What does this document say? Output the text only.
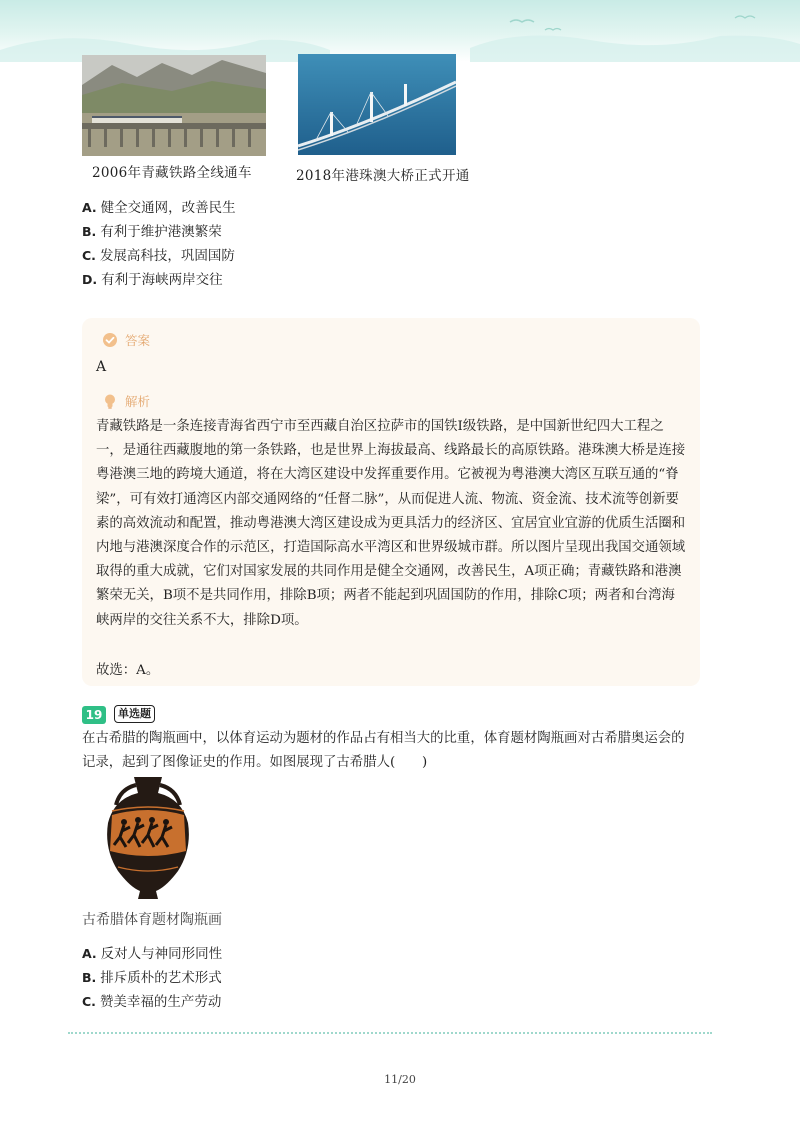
2006年青藏铁路全线通车	2018年港珠澳大桥正式开通
A. 健全交通网，改善民生
B. 有利于维护港澳繁荣
C. 发展高科技，巩固国防
D. 有利于海峡两岸交往
答案
A
解析
青藏铁路是一条连接青海省西宁市至西藏自治区拉萨市的国铁I级铁路，是中国新世纪四大工程之一，是通往西藏腹地的第一条铁路，也是世界上海拔最高、线路最长的高原铁路。港珠澳大桥是连接粤港澳三地的跨境大通道，将在大湾区建设中发挥重要作用。它被视为粤港澳大湾区互联互通的“脊梁”，可有效打通湾区内部交通网络的“任督二脉”，从而促进人流、物流、资金流、技术流等创新要素的高效流动和配置，推动粤港澳大湾区建设成为更具活力的经济区、宜居宜业宜游的优质生活圈和内地与港澳深度合作的示范区，打造国际高水平湾区和世界级城市群。所以图片呈现出我国交通领域取得的重大成就，它们对国家发展的共同作用是健全交通网，改善民生，A项正确；青藏铁路和港澳繁荣无关，B项不是共同作用，排除B项；两者不能起到巩固国防的作用，排除C项；两者和台湾海峡两岸的交往关系不大，排除D项。
故选：A。
19	单选题
在古希腊的陶瓶画中，以体育运动为题材的作品占有相当大的比重，体育题材陶瓶画对古希腊奥运会的记录，起到了图像证史的作用。如图展现了古希腊人(　　)
古希腊体育题材陶瓶画
A. 反对人与神同形同性
B. 排斥质朴的艺术形式
C. 赞美幸福的生产劳动
11/20
